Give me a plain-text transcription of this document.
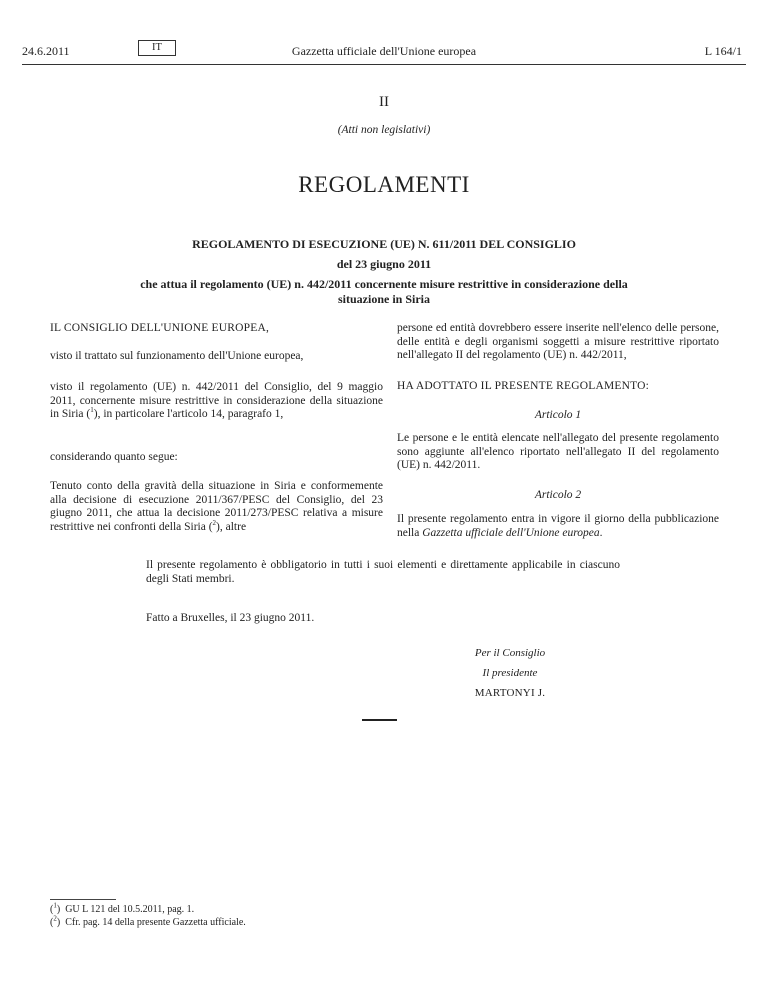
24.6.2011	IT	Gazzetta ufficiale dell'Unione europea	L 164/1
II
(Atti non legislativi)
REGOLAMENTI
REGOLAMENTO DI ESECUZIONE (UE) N. 611/2011 DEL CONSIGLIO
del 23 giugno 2011
che attua il regolamento (UE) n. 442/2011 concernente misure restrittive in considerazione della
situazione in Siria
IL CONSIGLIO DELL'UNIONE EUROPEA,
visto il trattato sul funzionamento dell'Unione europea,
visto il regolamento (UE) n. 442/2011 del Consiglio, del 9 maggio 2011, concernente misure restrittive in considerazione della situazione in Siria ($^1$), in particolare l'articolo 14, paragrafo 1,
considerando quanto segue:
Tenuto conto della gravità della situazione in Siria e conformemente alla decisione di esecuzione 2011/367/PESC del Consiglio, del 23 giugno 2011, che attua la decisione 2011/273/PESC relativa a misure restrittive nei confronti della Siria ($^2$), altre
persone ed entità dovrebbero essere inserite nell'elenco delle persone, delle entità e degli organismi soggetti a misure restrittive riportato nell'allegato II del regolamento (UE) n. 442/2011,
HA ADOTTATO IL PRESENTE REGOLAMENTO:
Articolo 1
Le persone e le entità elencate nell'allegato del presente regolamento sono aggiunte all'elenco riportato nell'allegato II del regolamento (UE) n. 442/2011.
Articolo 2
Il presente regolamento entra in vigore il giorno della pubblicazione nella Gazzetta ufficiale dell'Unione europea.
Il presente regolamento è obbligatorio in tutti i suoi elementi e direttamente applicabile in ciascuno degli Stati membri.
Fatto a Bruxelles, il 23 giugno 2011.
Per il Consiglio
Il presidente
MARTONYI J.
($^1$)  GU L 121 del 10.5.2011, pag. 1.
($^2$)  Cfr. pag. 14 della presente Gazzetta ufficiale.
